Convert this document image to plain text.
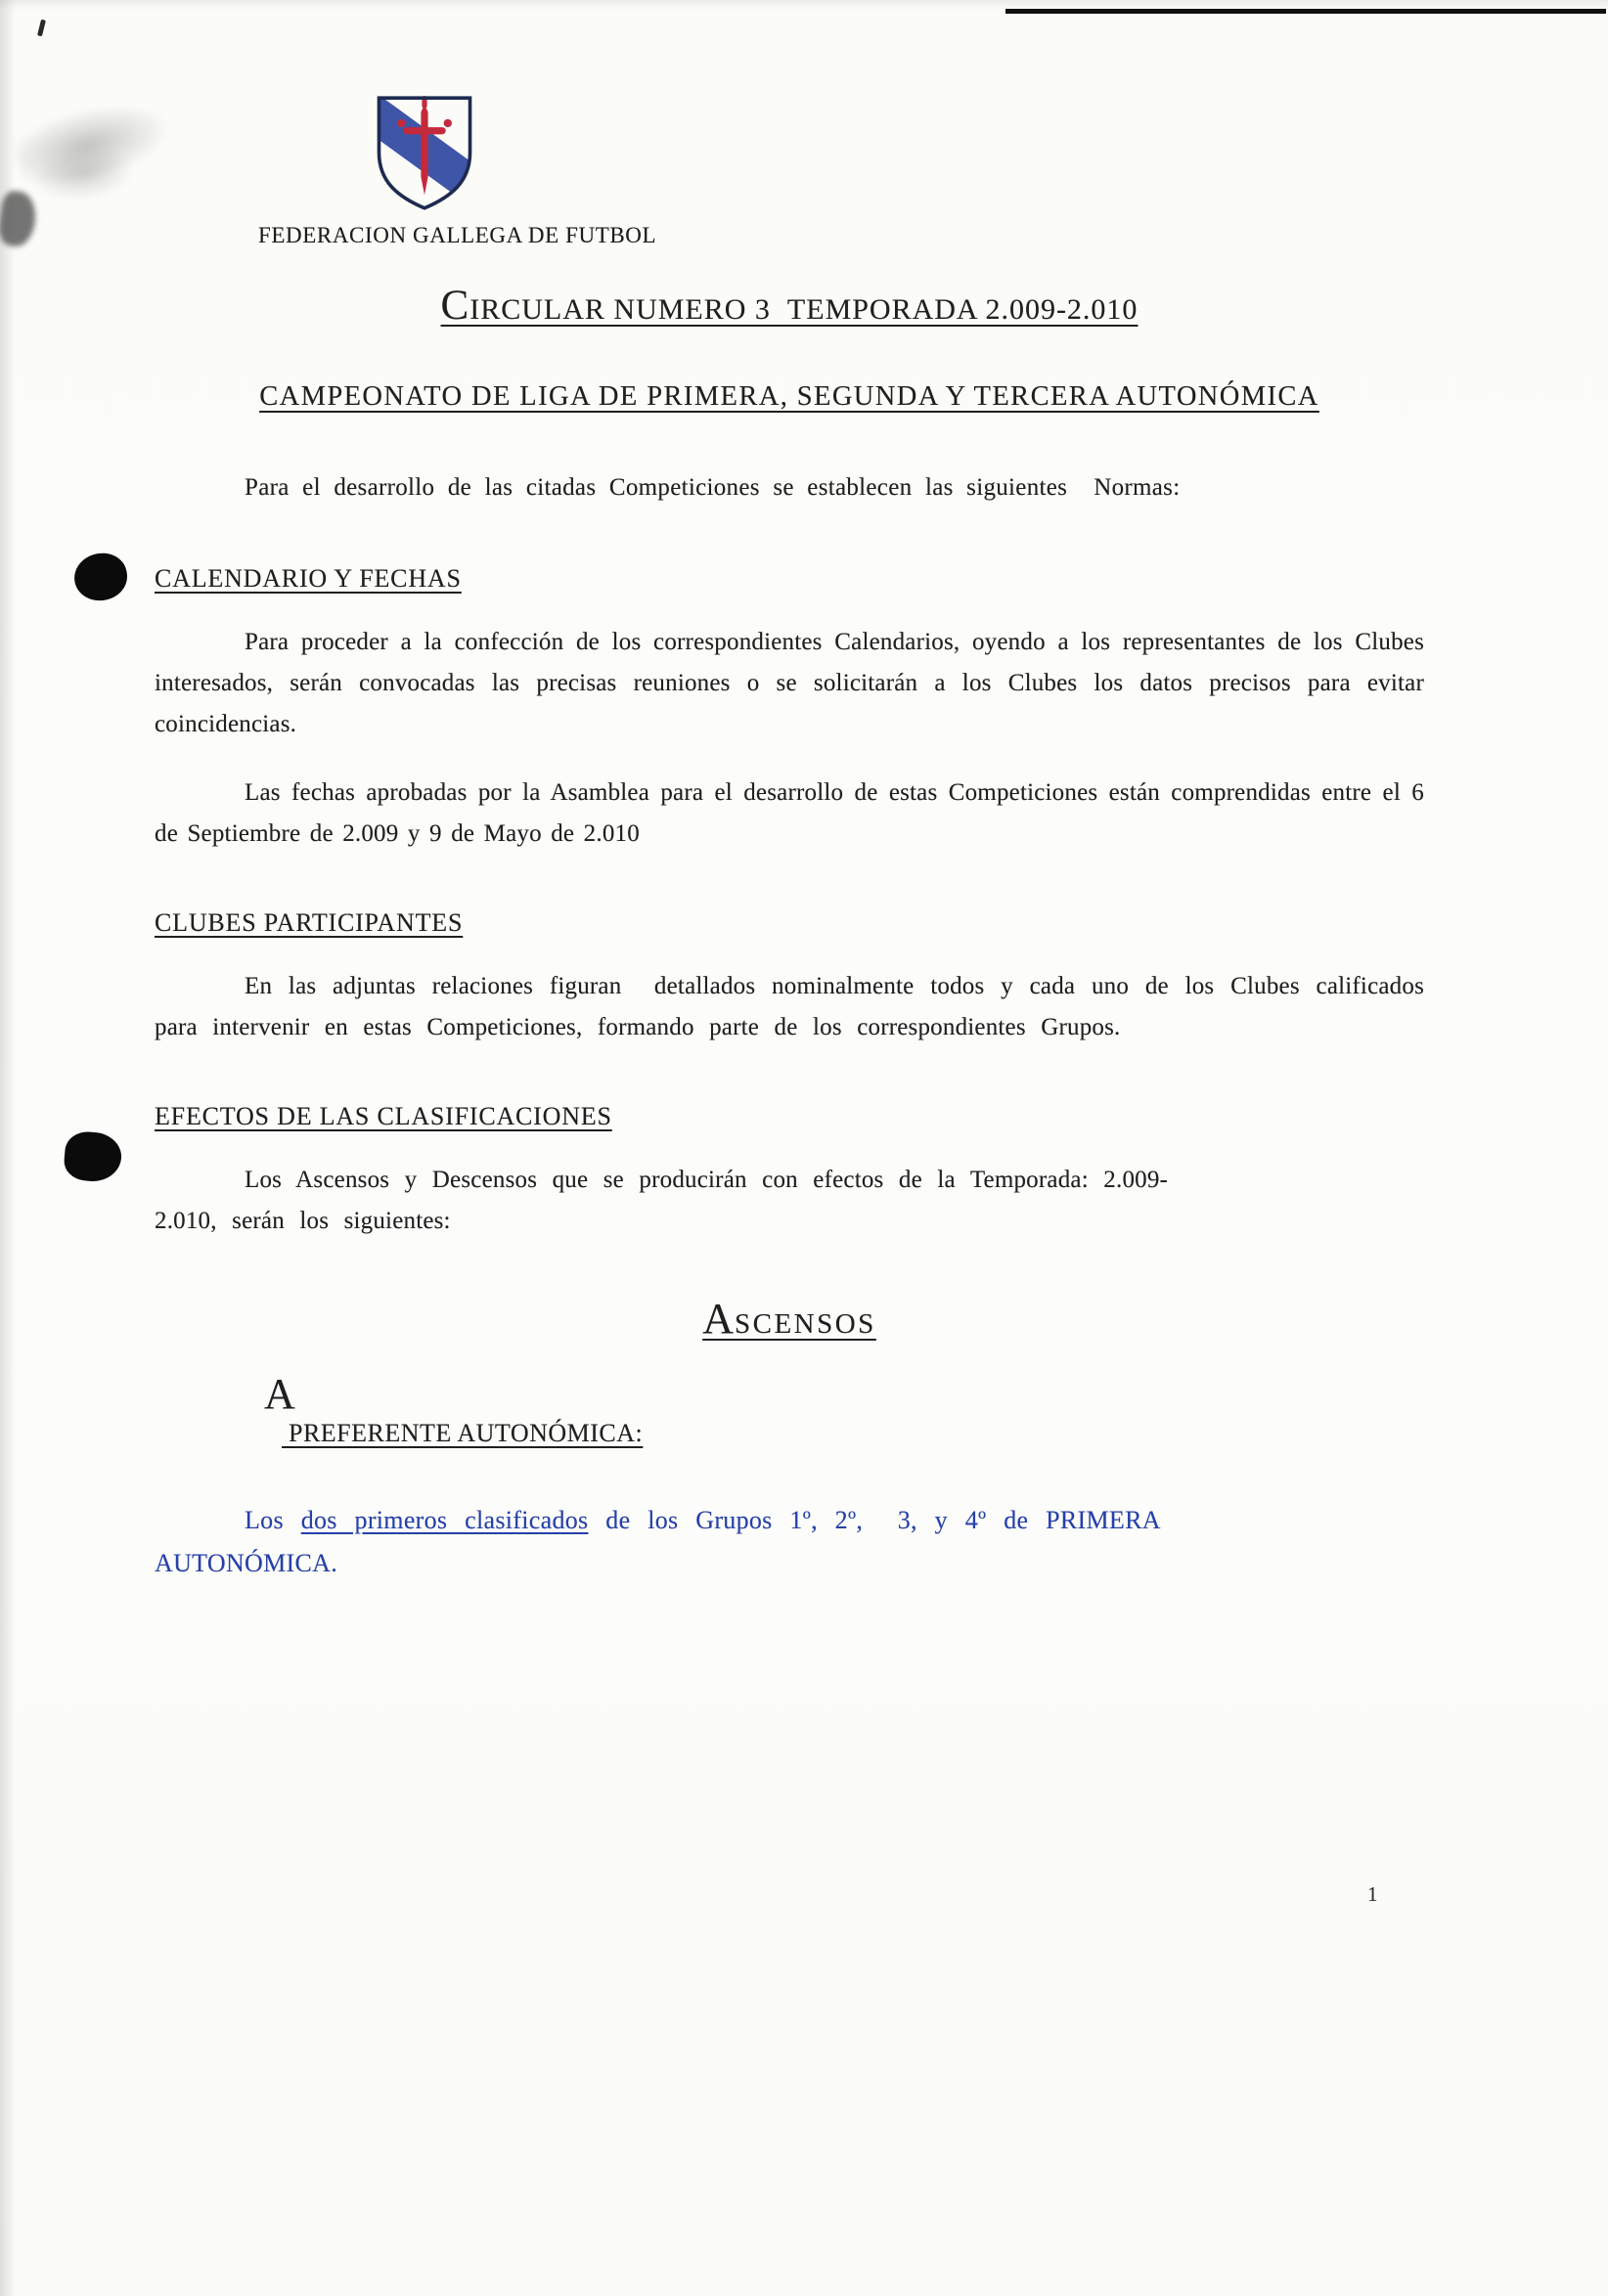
FEDERACION GALLEGA DE FUTBOL
CIRCULAR NUMERO 3  TEMPORADA 2.009-2.010
CAMPEONATO DE LIGA DE PRIMERA, SEGUNDA Y TERCERA AUTONÓMICA

Para el desarrollo de las citadas Competiciones se establecen las siguientes  Normas:

CALENDARIO Y FECHAS

Para proceder a la confección de los correspondientes Calendarios, oyendo a los representantes de los Clubes interesados, serán convocadas las precisas reuniones o se solicitarán a los Clubes los datos precisos para evitar coincidencias.

Las fechas aprobadas por la Asamblea para el desarrollo de estas Competiciones están comprendidas entre el 6 de Septiembre de 2.009 y 9 de Mayo de 2.010

CLUBES PARTICIPANTES

En las adjuntas relaciones figuran  detallados nominalmente todos y cada uno de los Clubes calificados para intervenir en estas Competiciones, formando parte de los correspondientes Grupos.

EFECTOS DE LAS CLASIFICACIONES

Los Ascensos y Descensos que se producirán con efectos de la Temporada: 2.009-
2.010, serán los siguientes:

ASCENSOS
A
PREFERENTE AUTONÓMICA:

Los dos primeros clasificados de los Grupos 1º, 2º,  3, y 4º de PRIMERA
AUTONÓMICA.

1
